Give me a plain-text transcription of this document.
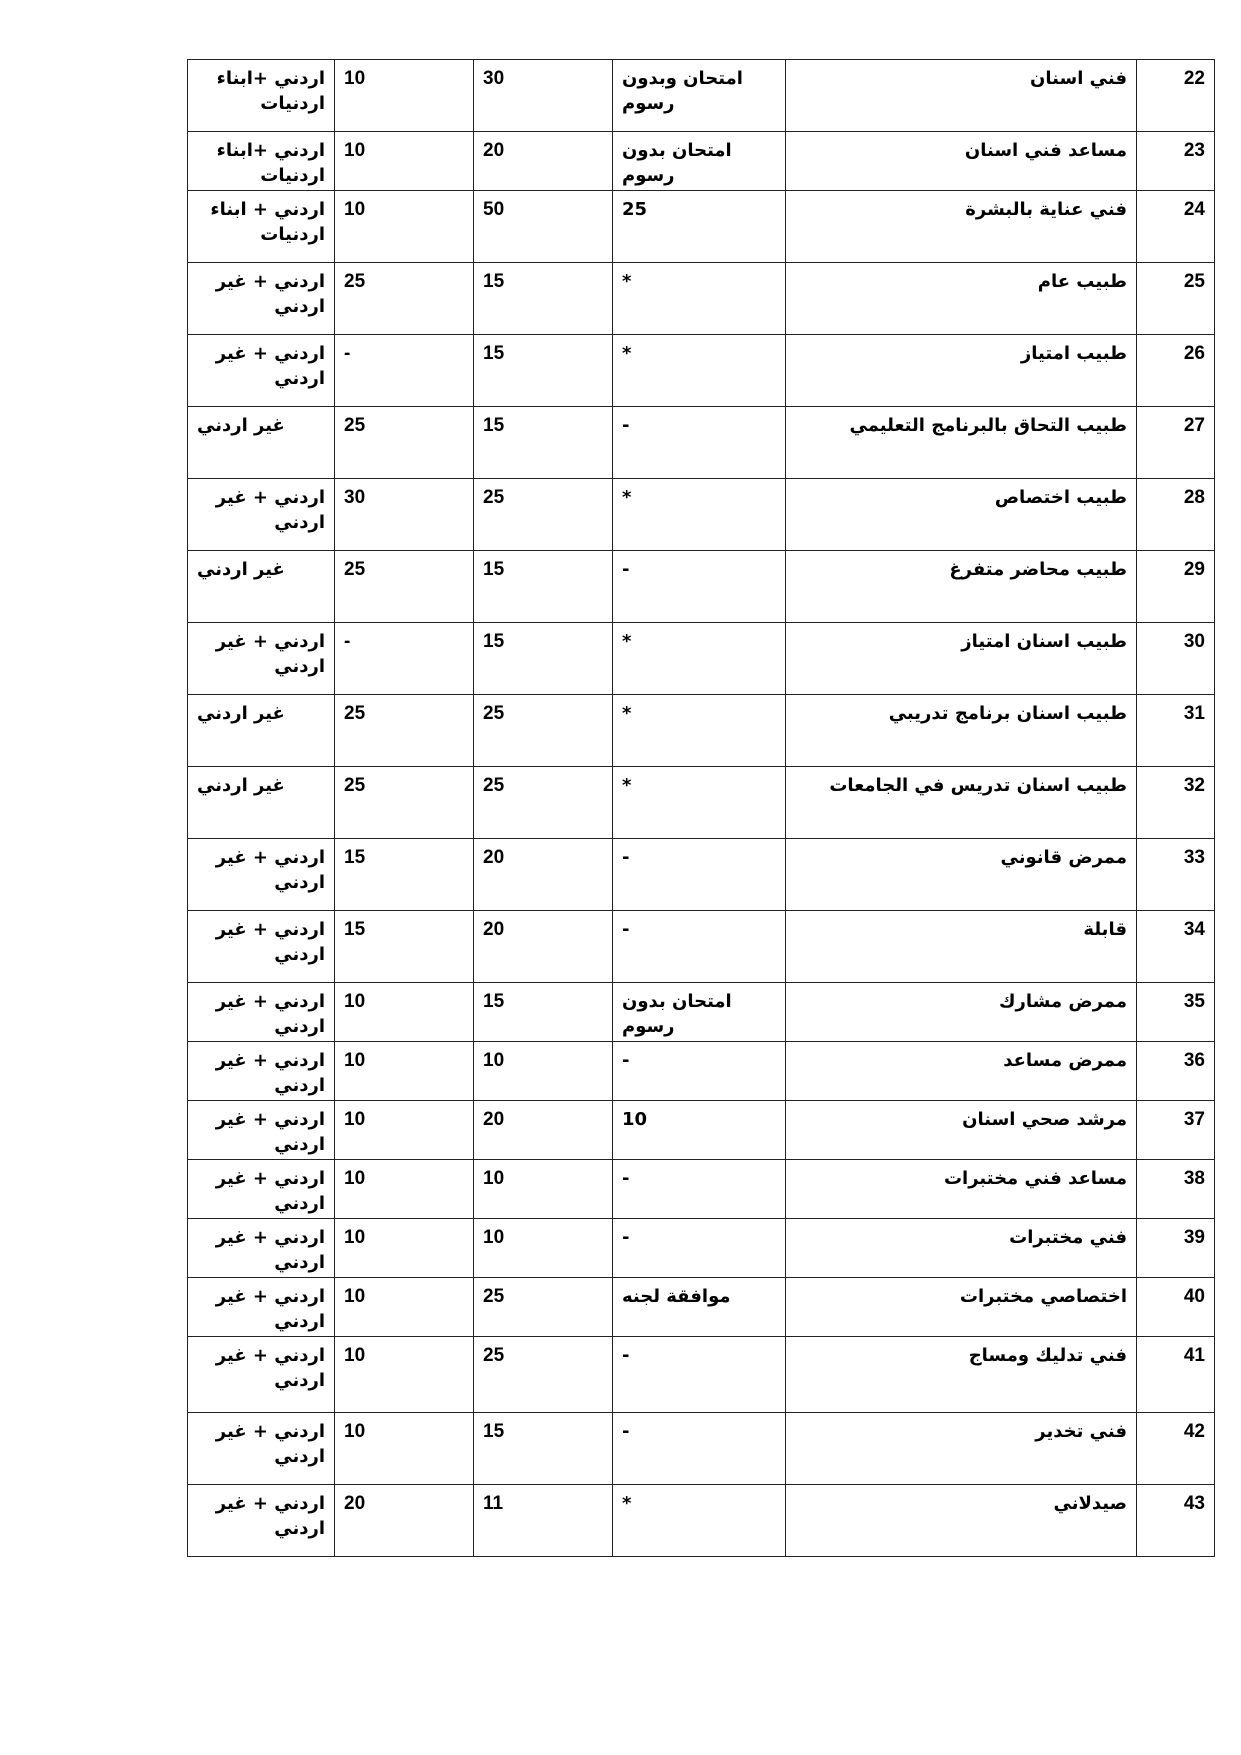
22	فني اسنان	امتحان وبدون رسوم	30	10	اردني +ابناء اردنيات
23	مساعد فني اسنان	امتحان بدون رسوم	20	10	اردني +ابناء اردنيات
24	فني عناية بالبشرة	25	50	10	اردني + ابناء اردنيات
25	طبيب عام	*	15	25	اردني + غير اردني
26	طبيب امتياز	*	15	-	اردني + غير اردني
27	طبيب التحاق بالبرنامج التعليمي	-	15	25	غير اردني
28	طبيب اختصاص	*	25	30	اردني + غير اردني
29	طبيب محاضر متفرغ	-	15	25	غير اردني
30	طبيب اسنان امتياز	*	15	-	اردني + غير اردني
31	طبيب اسنان برنامج تدريبي	*	25	25	غير اردني
32	طبيب اسنان تدريس في الجامعات	*	25	25	غير اردني
33	ممرض قانوني	-	20	15	اردني + غير اردني
34	قابلة	-	20	15	اردني + غير اردني
35	ممرض مشارك	امتحان بدون رسوم	15	10	اردني + غير اردني
36	ممرض مساعد	-	10	10	اردني + غير اردني
37	مرشد صحي اسنان	10	20	10	اردني + غير اردني
38	مساعد فني مختبرات	-	10	10	اردني + غير اردني
39	فني مختبرات	-	10	10	اردني + غير اردني
40	اختصاصي مختبرات	موافقة لجنه	25	10	اردني + غير اردني
41	فني تدليك ومساج	-	25	10	اردني + غير اردني
42	فني تخدير	-	15	10	اردني + غير اردني
43	صيدلاني	*	11	20	اردني + غير اردني
